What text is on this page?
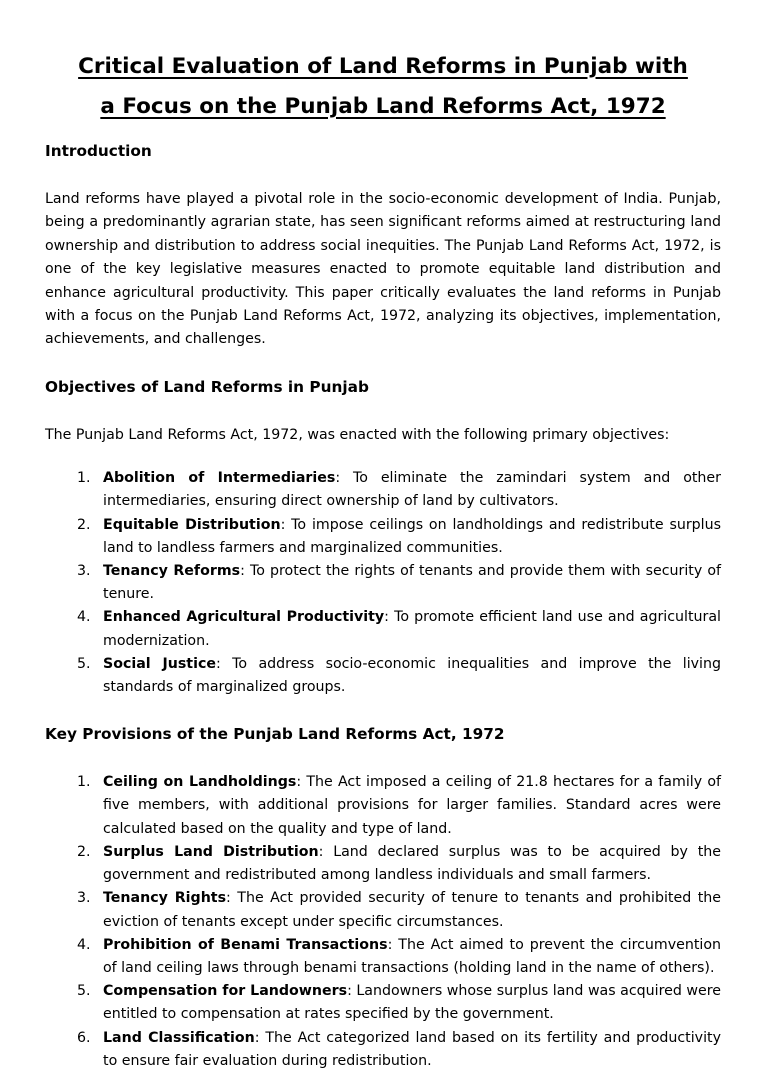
Critical Evaluation of Land Reforms in Punjab with
a Focus on the Punjab Land Reforms Act, 1972
Introduction

Land reforms have played a pivotal role in the socio-economic development of India. Punjab, being a predominantly agrarian state, has seen significant reforms aimed at restructuring land ownership and distribution to address social inequities. The Punjab Land Reforms Act, 1972, is one of the key legislative measures enacted to promote equitable land distribution and enhance agricultural productivity. This paper critically evaluates the land reforms in Punjab with a focus on the Punjab Land Reforms Act, 1972, analyzing its objectives, implementation, achievements, and challenges.

Objectives of Land Reforms in Punjab

The Punjab Land Reforms Act, 1972, was enacted with the following primary objectives:

1. Abolition of Intermediaries: To eliminate the zamindari system and other intermediaries, ensuring direct ownership of land by cultivators.
2. Equitable Distribution: To impose ceilings on landholdings and redistribute surplus land to landless farmers and marginalized communities.
3. Tenancy Reforms: To protect the rights of tenants and provide them with security of tenure.
4. Enhanced Agricultural Productivity: To promote efficient land use and agricultural modernization.
5. Social Justice: To address socio-economic inequalities and improve the living standards of marginalized groups.
Key Provisions of the Punjab Land Reforms Act, 1972
1. Ceiling on Landholdings: The Act imposed a ceiling of 21.8 hectares for a family of five members, with additional provisions for larger families. Standard acres were calculated based on the quality and type of land.
2. Surplus Land Distribution: Land declared surplus was to be acquired by the government and redistributed among landless individuals and small farmers.
3. Tenancy Rights: The Act provided security of tenure to tenants and prohibited the eviction of tenants except under specific circumstances.
4. Prohibition of Benami Transactions: The Act aimed to prevent the circumvention of land ceiling laws through benami transactions (holding land in the name of others).
5. Compensation for Landowners: Landowners whose surplus land was acquired were entitled to compensation at rates specified by the government.
6. Land Classification: The Act categorized land based on its fertility and productivity to ensure fair evaluation during redistribution.
